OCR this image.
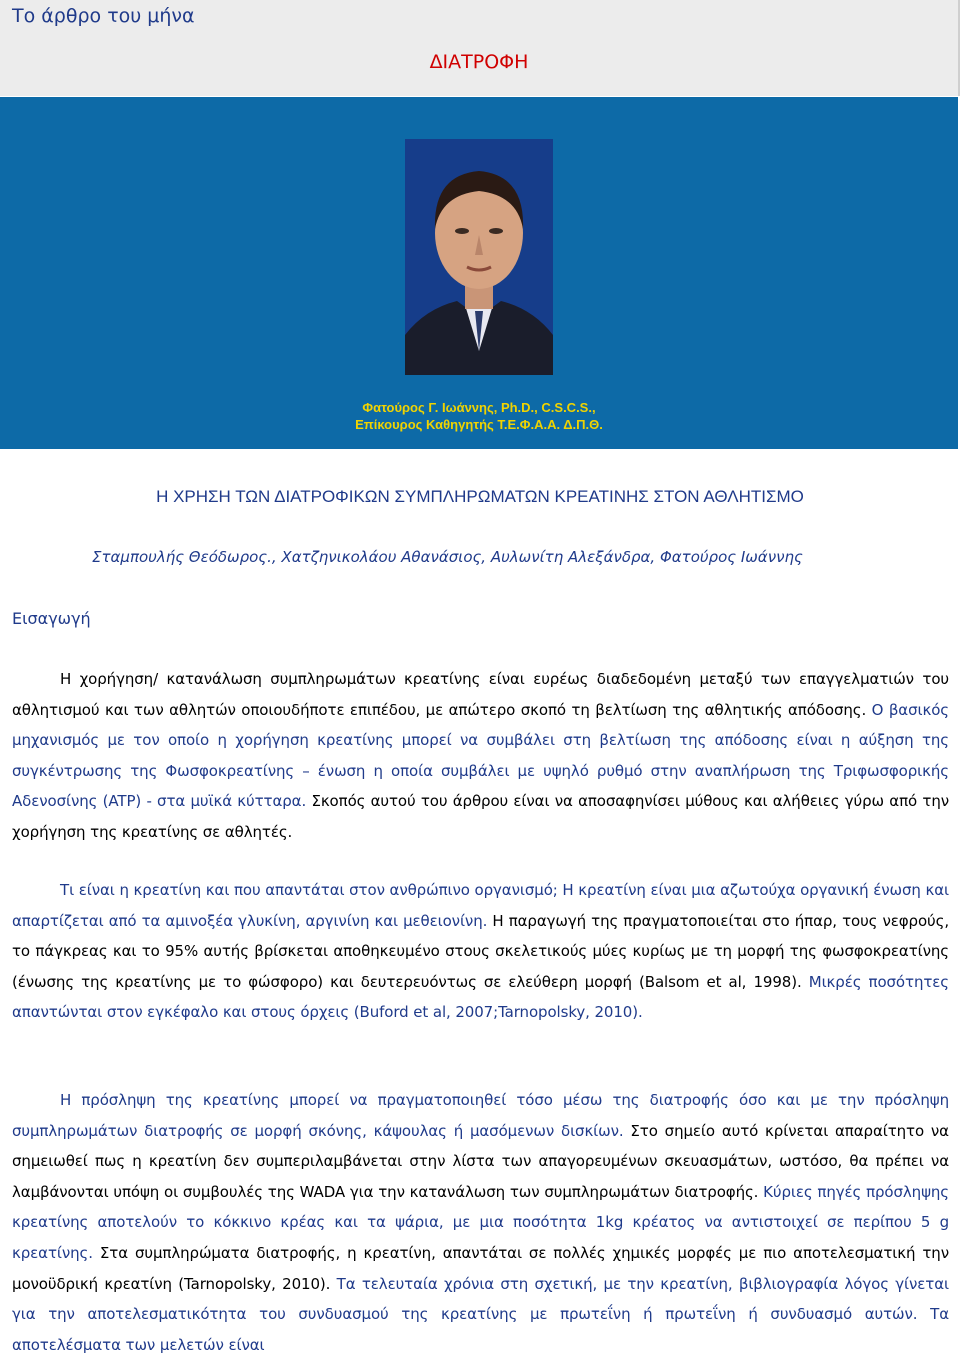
Το άρθρο του μήνα
ΔΙΑΤΡΟΦΗ
Φατούρος Γ. Ιωάννης, Ph.D., C.S.C.S.,
Επίκουρος Καθηγητής Τ.Ε.Φ.Α.Α. Δ.Π.Θ.
Η ΧΡΗΣΗ ΤΩΝ ΔΙΑΤΡΟΦΙΚΩΝ ΣΥΜΠΛΗΡΩΜΑΤΩΝ ΚΡΕΑΤΙΝΗΣ ΣΤΟΝ ΑΘΛΗΤΙΣΜΟ
Σταμπουλής Θεόδωρος., Χατζηνικολάου Αθανάσιος, Αυλωνίτη Αλεξάνδρα, Φατούρος Ιωάννης
Εισαγωγή

Η χορήγηση/ κατανάλωση συμπληρωμάτων κρεατίνης είναι ευρέως διαδεδομένη μεταξύ των επαγγελματιών του αθλητισμού και των αθλητών οποιουδήποτε επιπέδου, με απώτερο σκοπό τη βελτίωση της αθλητικής απόδοσης. Ο βασικός μηχανισμός με τον οποίο η χορήγηση κρεατίνης μπορεί να συμβάλει στη βελτίωση της απόδοσης είναι η αύξηση της συγκέντρωσης της Φωσφοκρεατίνης – ένωση η οποία συμβάλει με υψηλό ρυθμό στην αναπλήρωση της Τριφωσφορικής Αδενοσίνης (ATP) - στα μυϊκά κύτταρα. Σκοπός αυτού του άρθρου είναι να αποσαφηνίσει μύθους και αλήθειες γύρω από την χορήγηση της κρεατίνης σε αθλητές.

Τι είναι η κρεατίνη και που απαντάται στον ανθρώπινο οργανισμό; Η κρεατίνη είναι μια αζωτούχα οργανική ένωση και απαρτίζεται από τα αμινοξέα γλυκίνη, αργινίνη και μεθειονίνη. Η παραγωγή της πραγματοποιείται στο ήπαρ, τους νεφρούς, το πάγκρεας και το 95% αυτής βρίσκεται αποθηκευμένο στους σκελετικούς μύες κυρίως με τη μορφή της φωσφοκρεατίνης (ένωσης της κρεατίνης με το φώσφορο) και δευτερευόντως σε ελεύθερη μορφή (Balsom et al, 1998). Μικρές ποσότητες απαντώνται στον εγκέφαλο και στους όρχεις (Buford et al, 2007;Tarnopolsky, 2010).

Η πρόσληψη της κρεατίνης μπορεί να πραγματοποιηθεί τόσο μέσω της διατροφής όσο και με την πρόσληψη συμπληρωμάτων διατροφής σε μορφή σκόνης, κάψουλας ή μασόμενων δισκίων. Στο σημείο αυτό κρίνεται απαραίτητο να σημειωθεί πως η κρεατίνη δεν συμπεριλαμβάνεται στην λίστα των απαγορευμένων σκευασμάτων, ωστόσο, θα πρέπει να λαμβάνονται υπόψη οι συμβουλές της WADA για την κατανάλωση των συμπληρωμάτων διατροφής. Κύριες πηγές πρόσληψης κρεατίνης αποτελούν το κόκκινο κρέας και τα ψάρια, με μια ποσότητα 1kg κρέατος να αντιστοιχεί σε περίπου 5 g κρεατίνης. Στα συμπληρώματα διατροφής, η κρεατίνη, απαντάται σε πολλές χημικές μορφές με πιο αποτελεσματική την μονοϋδρική κρεατίνη (Tarnopolsky, 2010). Τα τελευταία χρόνια στη σχετική, με την κρεατίνη, βιβλιογραφία λόγος γίνεται για την αποτελεσματικότητα του συνδυασμού της κρεατίνης με πρωτεΐνη ή πρωτεΐνη ή συνδυασμό αυτών. Τα αποτελέσματα των μελετών είναι
